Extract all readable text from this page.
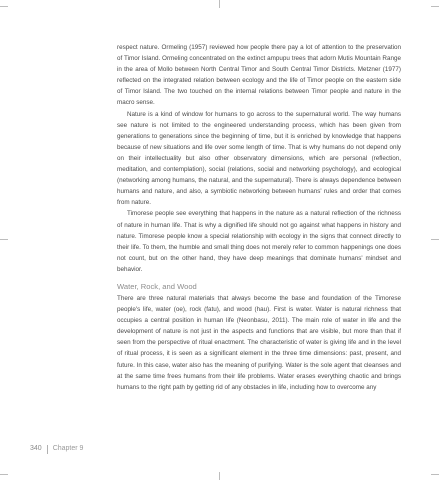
respect nature. Ormeling (1957) reviewed how people there pay a lot of attention to the preservation of Timor Island. Ormeling concentrated on the extinct ampupu trees that adorn Mutis Mountain Range in the area of Mollo between North Central Timor and South Central Timor Districts. Metzner (1977) reflected on the integrated relation between ecology and the life of Timor people on the eastern side of Timor Island. The two touched on the internal relations between Timor people and nature in the macro sense.

Nature is a kind of window for humans to go across to the supernatural world. The way humans see nature is not limited to the engineered understanding process, which has been given from generations to generations since the beginning of time, but it is enriched by knowledge that happens because of new situations and life over some length of time. That is why humans do not depend only on their intellectuality but also other observatory dimensions, which are personal (reflection, meditation, and contemplation), social (relations, social and networking psychology), and ecological (networking among humans, the natural, and the supernatural). There is always dependence between humans and nature, and also, a symbiotic networking between humans' rules and order that comes from nature.

Timorese people see everything that happens in the nature as a natural reflection of the richness of nature in human life. That is why a dignified life should not go against what happens in history and nature. Timorese people know a special relationship with ecology in the signs that connect directly to their life. To them, the humble and small thing does not merely refer to common happenings one does not count, but on the other hand, they have deep meanings that dominate humans' mindset and behavior.

Water, Rock, and Wood

There are three natural materials that always become the base and foundation of the Timorese people's life, water (oe), rock (fatu), and wood (hau). First is water. Water is natural richness that occupies a central position in human life (Neonbasu, 2011). The main role of water in life and the development of nature is not just in the aspects and functions that are visible, but more than that if seen from the perspective of ritual enactment. The characteristic of water is giving life and in the level of ritual process, it is seen as a significant element in the three time dimensions: past, present, and future. In this case, water also has the meaning of purifying. Water is the sole agent that cleanses and at the same time frees humans from their life problems. Water erases everything chaotic and brings humans to the right path by getting rid of any obstacles in life, including how to overcome any

340 Chapter 9
